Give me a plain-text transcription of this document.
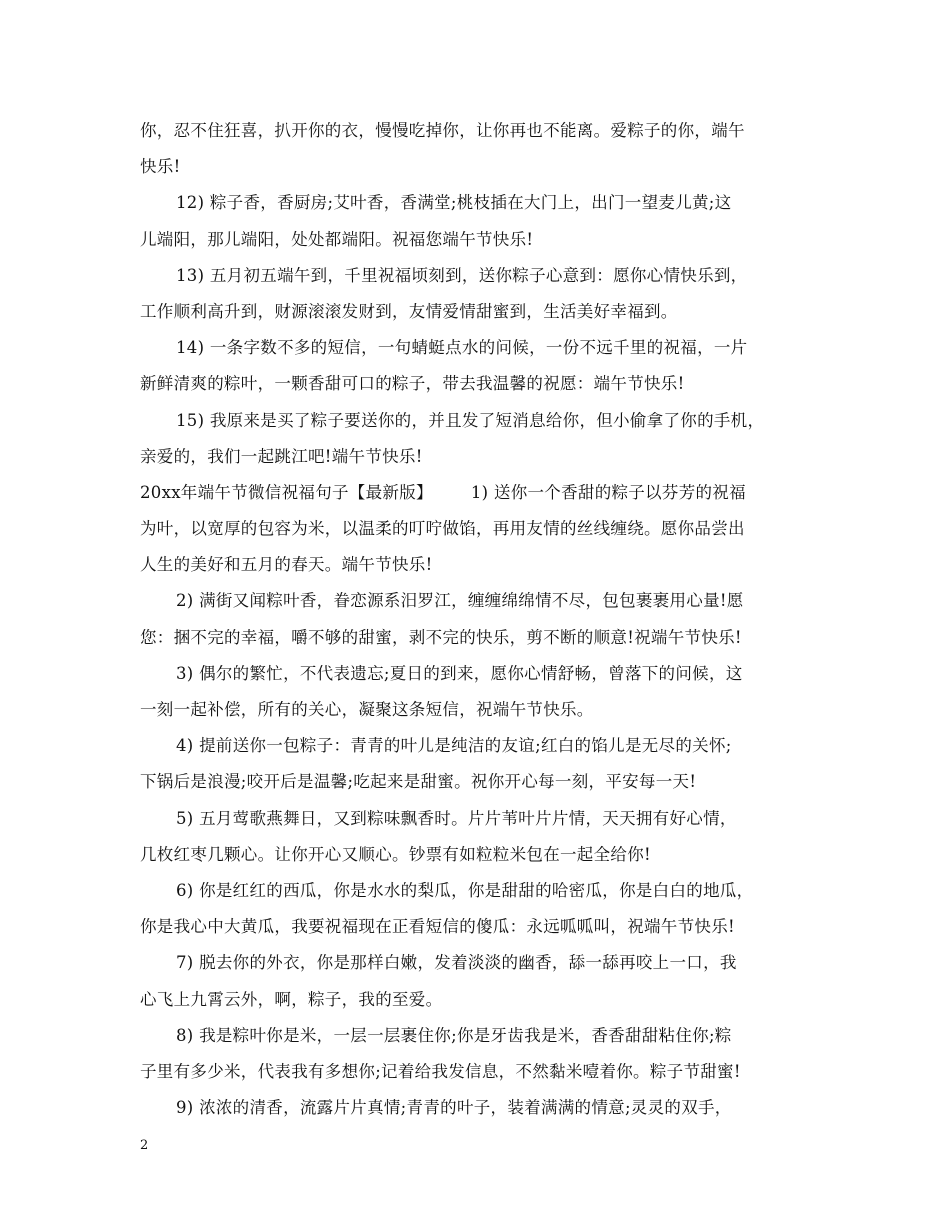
你，忍不住狂喜，扒开你的衣，慢慢吃掉你，让你再也不能离。爱粽子的你，端午
快乐!
12) 粽子香，香厨房;艾叶香，香满堂;桃枝插在大门上，出门一望麦儿黄;这
儿端阳，那儿端阳，处处都端阳。祝福您端午节快乐!
13) 五月初五端午到，千里祝福顷刻到，送你粽子心意到：愿你心情快乐到，
工作顺利高升到，财源滚滚发财到，友情爱情甜蜜到，生活美好幸福到。
14) 一条字数不多的短信，一句蜻蜓点水的问候，一份不远千里的祝福，一片
新鲜清爽的粽叶，一颗香甜可口的粽子，带去我温馨的祝愿：端午节快乐!
15) 我原来是买了粽子要送你的，并且发了短消息给你，但小偷拿了你的手机，
亲爱的，我们一起跳江吧!端午节快乐!
20xx年端午节微信祝福句子【最新版】 1) 送你一个香甜的粽子以芬芳的祝福
为叶，以宽厚的包容为米，以温柔的叮咛做馅，再用友情的丝线缠绕。愿你品尝出
人生的美好和五月的春天。端午节快乐!
2) 满街又闻粽叶香，眷恋源系汨罗江，缠缠绵绵情不尽，包包裹裹用心量!愿
您：捆不完的幸福，嚼不够的甜蜜，剥不完的快乐，剪不断的顺意!祝端午节快乐!
3) 偶尔的繁忙，不代表遗忘;夏日的到来，愿你心情舒畅，曾落下的问候，这
一刻一起补偿，所有的关心，凝聚这条短信，祝端午节快乐。
4) 提前送你一包粽子：青青的叶儿是纯洁的友谊;红白的馅儿是无尽的关怀;
下锅后是浪漫;咬开后是温馨;吃起来是甜蜜。祝你开心每一刻，平安每一天!
5) 五月莺歌燕舞日，又到粽味飘香时。片片苇叶片片情，天天拥有好心情，
几枚红枣几颗心。让你开心又顺心。钞票有如粒粒米包在一起全给你!
6) 你是红红的西瓜，你是水水的梨瓜，你是甜甜的哈密瓜，你是白白的地瓜，
你是我心中大黄瓜，我要祝福现在正看短信的傻瓜：永远呱呱叫，祝端午节快乐!
7) 脱去你的外衣，你是那样白嫩，发着淡淡的幽香，舔一舔再咬上一口，我
心飞上九霄云外，啊，粽子，我的至爱。
8) 我是粽叶你是米，一层一层裹住你;你是牙齿我是米，香香甜甜粘住你;粽
子里有多少米，代表我有多想你;记着给我发信息，不然黏米噎着你。粽子节甜蜜!
9) 浓浓的清香，流露片片真情;青青的叶子，装着满满的情意;灵灵的双手，
2
